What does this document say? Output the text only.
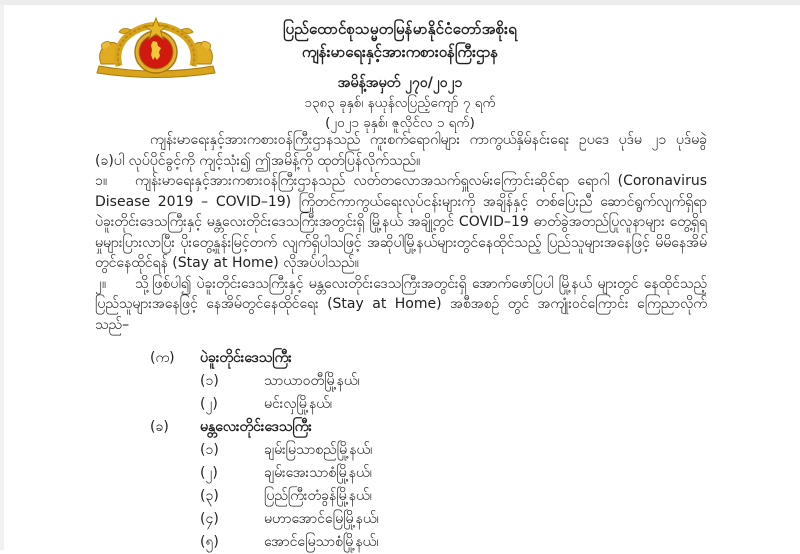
ပြည်ထောင်စုသမ္မတမြန်မာနိုင်ငံတော်အစိုးရ
ကျန်းမာရေးနှင့်အားကစားဝန်ကြီးဌာန
အမိန့်အမှတ် ၂၇၀/၂၀၂၁
၁၃၈၃ ခုနှစ်၊ နယုန်လပြည့်ကျော် ၇ ရက်
(၂၀၂၁ ခုနှစ်၊ ဇူလိုင်လ ၁ ရက်)

ကျန်းမာရေးနှင့်အားကစားဝန်ကြီးဌာနသည် ကူးစက်ရောဂါများ ကာကွယ်နှိမ်နင်းရေး ဥပဒေ ပုဒ်မ ၂၁ ပုဒ်မခွဲ (ခ)ပါ လုပ်ပိုင်ခွင့်ကို ကျင့်သုံး၍ ဤအမိန့်ကို ထုတ်ပြန်လိုက်သည်။

၁။ ကျန်းမာရေးနှင့်အားကစားဝန်ကြီးဌာနသည် လတ်တလောအသက်ရှူလမ်းကြောင်းဆိုင်ရာ ရောဂါ (Coronavirus Disease 2019 – COVID–19) ကြိုတင်ကာကွယ်ရေးလုပ်ငန်းများကို အချိန်နှင့် တစ်ပြေးညီ ဆောင်ရွက်လျက်ရှိရာ ပဲခူးတိုင်းဒေသကြီးနှင့် မန္တလေးတိုင်းဒေသကြီးအတွင်းရှိ မြို့နယ် အချို့တွင် COVID–19 ဓာတ်ခွဲအတည်ပြုလူနာများ တွေ့ရှိရမှုများပြားလာပြီး ပိုးတွေ့နှုန်းမြင့်တက် လျက်ရှိပါသဖြင့် အဆိုပါမြို့နယ်များတွင်နေထိုင်သည့် ပြည်သူများအနေဖြင့် မိမိနေအိမ်တွင်နေထိုင်ရန် (Stay at Home) လိုအပ်ပါသည်။

၂။ သို့ဖြစ်ပါ၍ ပဲခူးတိုင်းဒေသကြီးနှင့် မန္တလေးတိုင်းဒေသကြီးအတွင်းရှိ အောက်ဖော်ပြပါ မြို့နယ် များတွင် နေထိုင်သည့် ပြည်သူများအနေဖြင့် နေအိမ်တွင်နေထိုင်ရေး (Stay at Home) အစီအစဉ် တွင် အကျုံးဝင်ကြောင်း ကြေညာလိုက်သည်–

(က)	ပဲခူးတိုင်းဒေသကြီး
(၁)	သာယာဝတီမြို့နယ်၊
(၂)	မင်းလှမြို့နယ်၊
(ခ)	မန္တလေးတိုင်းဒေသကြီး
(၁)	ချမ်းမြသာစည်မြို့နယ်၊
(၂)	ချမ်းအေးသာစံမြို့နယ်၊
(၃)	ပြည်ကြီးတံခွန်မြို့နယ်၊
(၄)	မဟာအောင်မြေမြို့နယ်၊
(၅)	အောင်မြေသာစံမြို့နယ်၊
